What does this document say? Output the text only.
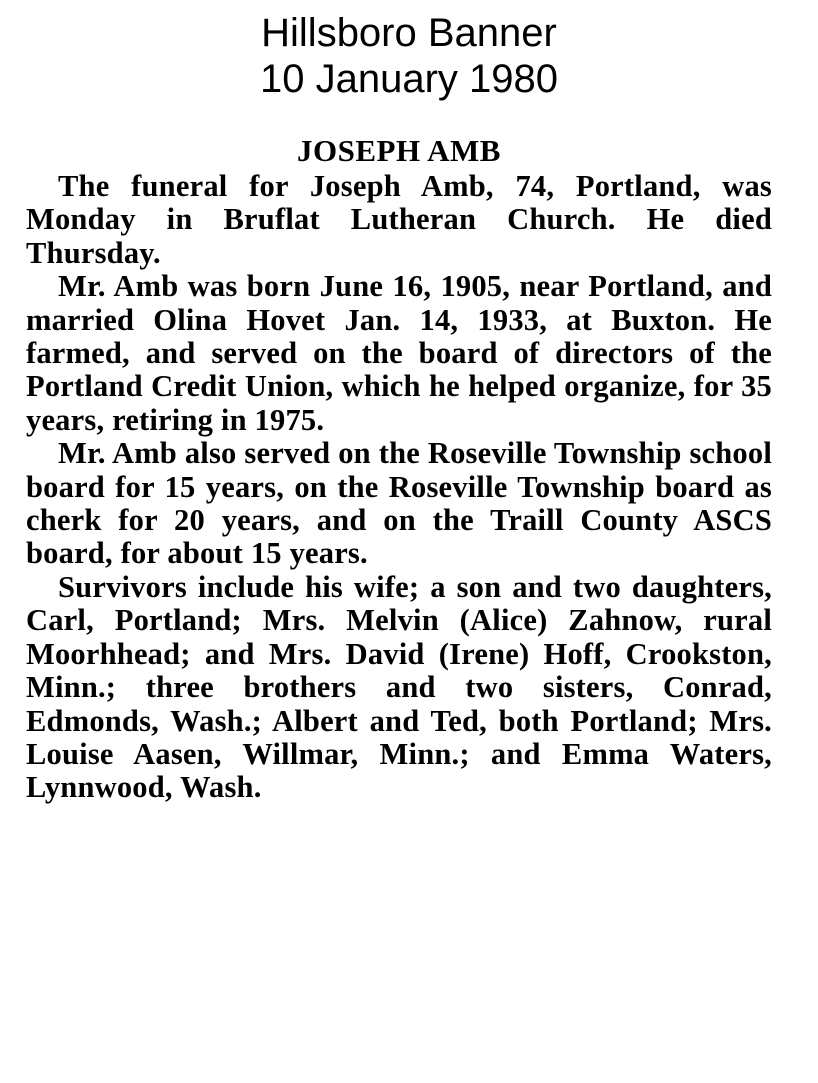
Hillsboro Banner
10 January 1980
JOSEPH AMB

The funeral for Joseph Amb, 74, Portland, was Monday in Bruflat Lutheran Church. He died Thursday.

Mr. Amb was born June 16, 1905, near Portland, and married Olina Hovet Jan. 14, 1933, at Buxton. He farmed, and served on the board of directors of the Portland Credit Union, which he helped organize, for 35 years, retiring in 1975.

Mr. Amb also served on the Roseville Township school board for 15 years, on the Roseville Township board as cherk for 20 years, and on the Traill County ASCS board, for about 15 years.

Survivors include his wife; a son and two daughters, Carl, Portland; Mrs. Melvin (Alice) Zahnow, rural Moorhhead; and Mrs. David (Irene) Hoff, Crookston, Minn.; three brothers and two sisters, Conrad, Edmonds, Wash.; Albert and Ted, both Portland; Mrs. Louise Aasen, Willmar, Minn.; and Emma Waters, Lynnwood, Wash.
